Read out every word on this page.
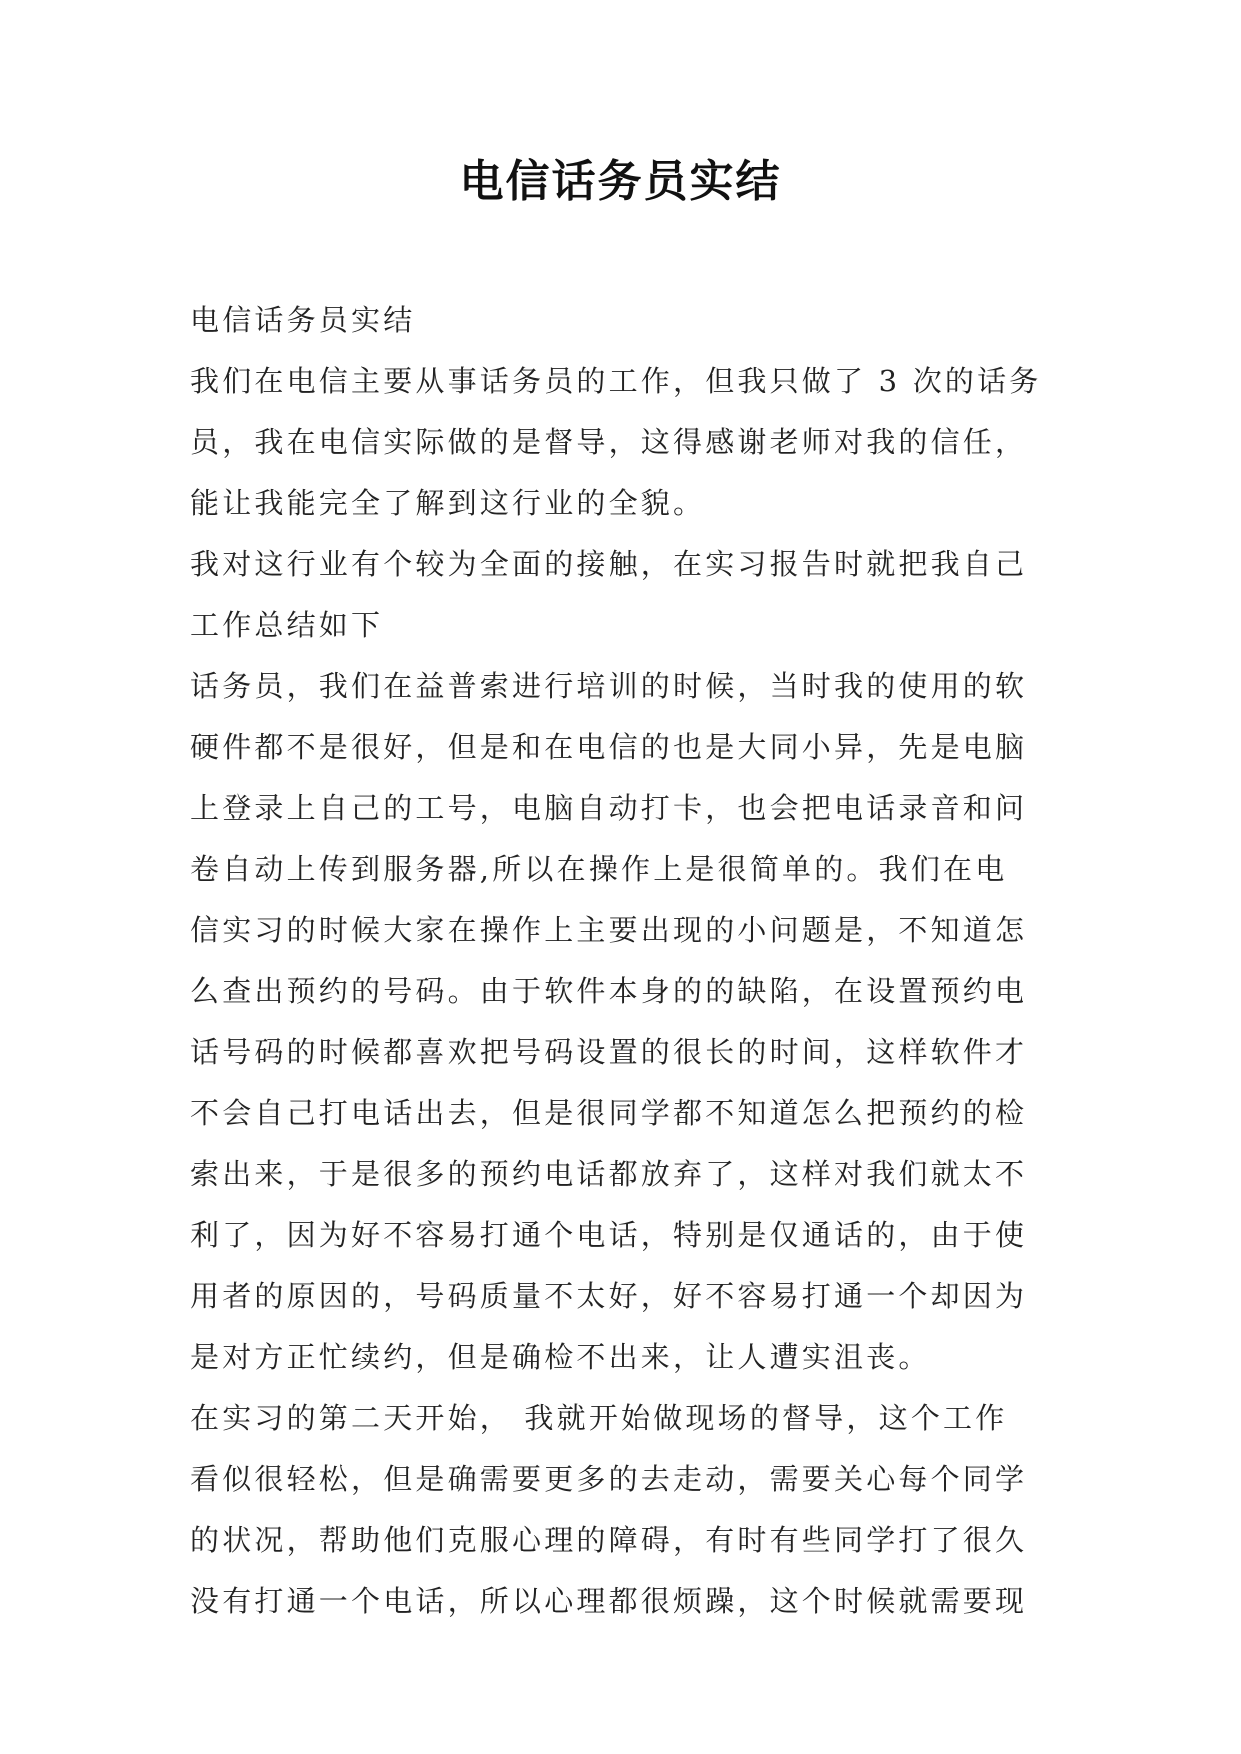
电信话务员实结
电信话务员实结
我们在电信主要从事话务员的工作，但我只做了 3 次的话务
员，我在电信实际做的是督导，这得感谢老师对我的信任，
能让我能完全了解到这行业的全貌。
我对这行业有个较为全面的接触，在实习报告时就把我自己
工作总结如下
话务员，我们在益普索进行培训的时候，当时我的使用的软
硬件都不是很好，但是和在电信的也是大同小异，先是电脑
上登录上自己的工号，电脑自动打卡，也会把电话录音和问
卷自动上传到服务器,所以在操作上是很简单的。我们在电
信实习的时候大家在操作上主要出现的小问题是，不知道怎
么查出预约的号码。由于软件本身的的缺陷，在设置预约电
话号码的时候都喜欢把号码设置的很长的时间，这样软件才
不会自己打电话出去，但是很同学都不知道怎么把预约的检
索出来，于是很多的预约电话都放弃了，这样对我们就太不
利了，因为好不容易打通个电话，特别是仅通话的，由于使
用者的原因的，号码质量不太好，好不容易打通一个却因为
是对方正忙续约，但是确检不出来，让人遭实沮丧。
在实习的第二天开始， 我就开始做现场的督导，这个工作
看似很轻松，但是确需要更多的去走动，需要关心每个同学
的状况，帮助他们克服心理的障碍，有时有些同学打了很久
没有打通一个电话，所以心理都很烦躁，这个时候就需要现
